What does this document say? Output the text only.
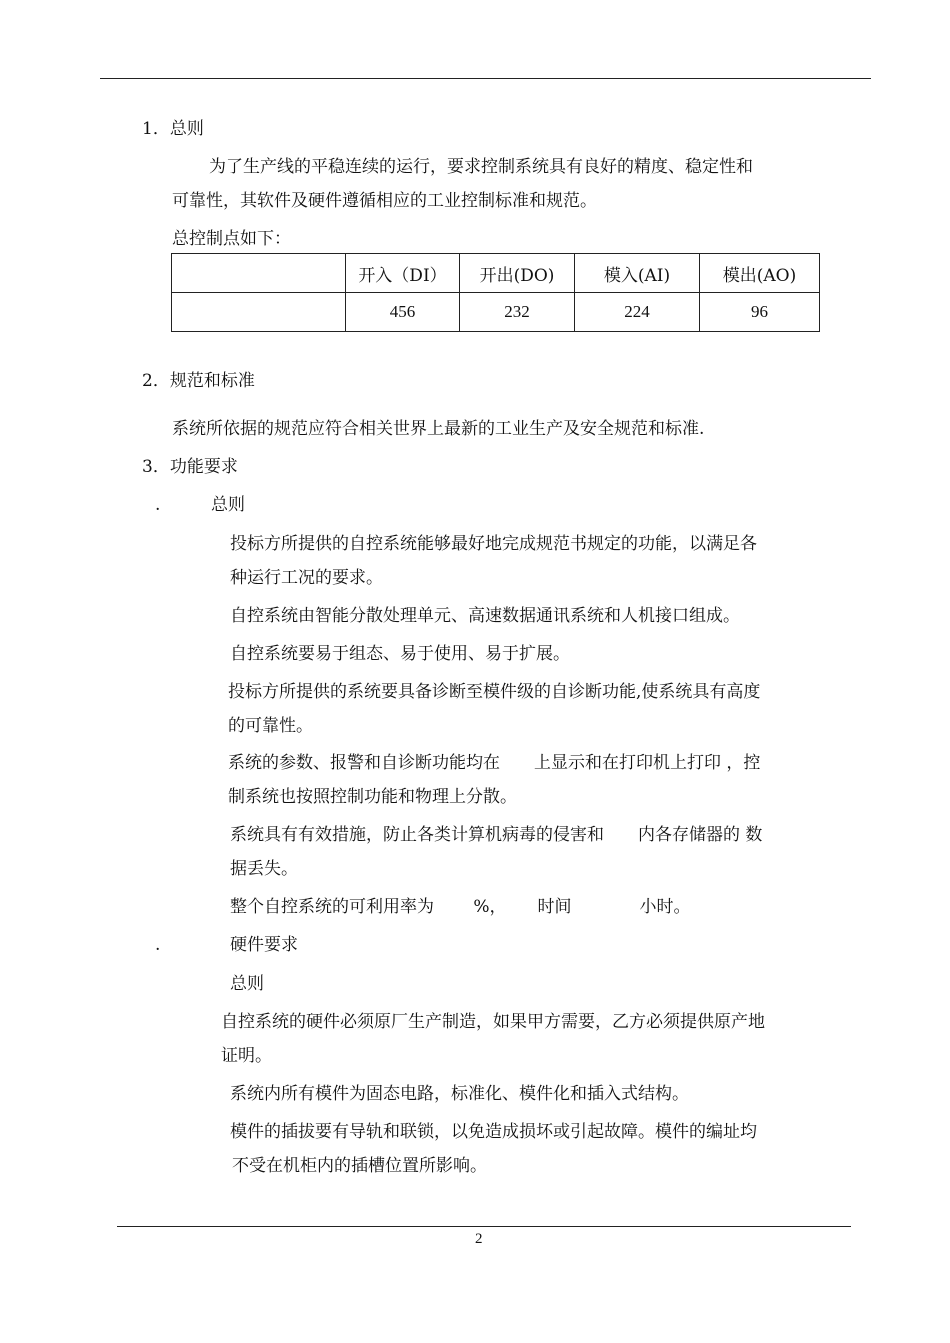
1．总则
为了生产线的平稳连续的运行，要求控制系统具有良好的精度、稳定性和
可靠性，其软件及硬件遵循相应的工业控制标准和规范。
总控制点如下：
	开入（DI）	开出(DO)	模入(AI)	模出(AO)
	456	232	224	96
2．规范和标准
系统所依据的规范应符合相关世界上最新的工业生产及安全规范和标准.
3．功能要求
.	总则
投标方所提供的自控系统能够最好地完成规范书规定的功能，以满足各
种运行工况的要求。
自控系统由智能分散处理单元、高速数据通讯系统和人机接口组成。
自控系统要易于组态、易于使用、易于扩展。
投标方所提供的系统要具备诊断至模件级的自诊断功能,使系统具有高度
的可靠性。
系统的参数、报警和自诊断功能均在　　上显示和在打印机上打印 ，控
制系统也按照控制功能和物理上分散。
系统具有有效措施，防止各类计算机病毒的侵害和　　内各存储器的 数
据丢失。
整个自控系统的可利用率为　　 %，　　 时间　　　　小时。
.	硬件要求
总则
自控系统的硬件必须原厂生产制造，如果甲方需要，乙方必须提供原产地
证明。
系统内所有模件为固态电路，标准化、模件化和插入式结构。
模件的插拔要有导轨和联锁，以免造成损坏或引起故障。模件的编址均
不受在机柜内的插槽位置所影响。
2
